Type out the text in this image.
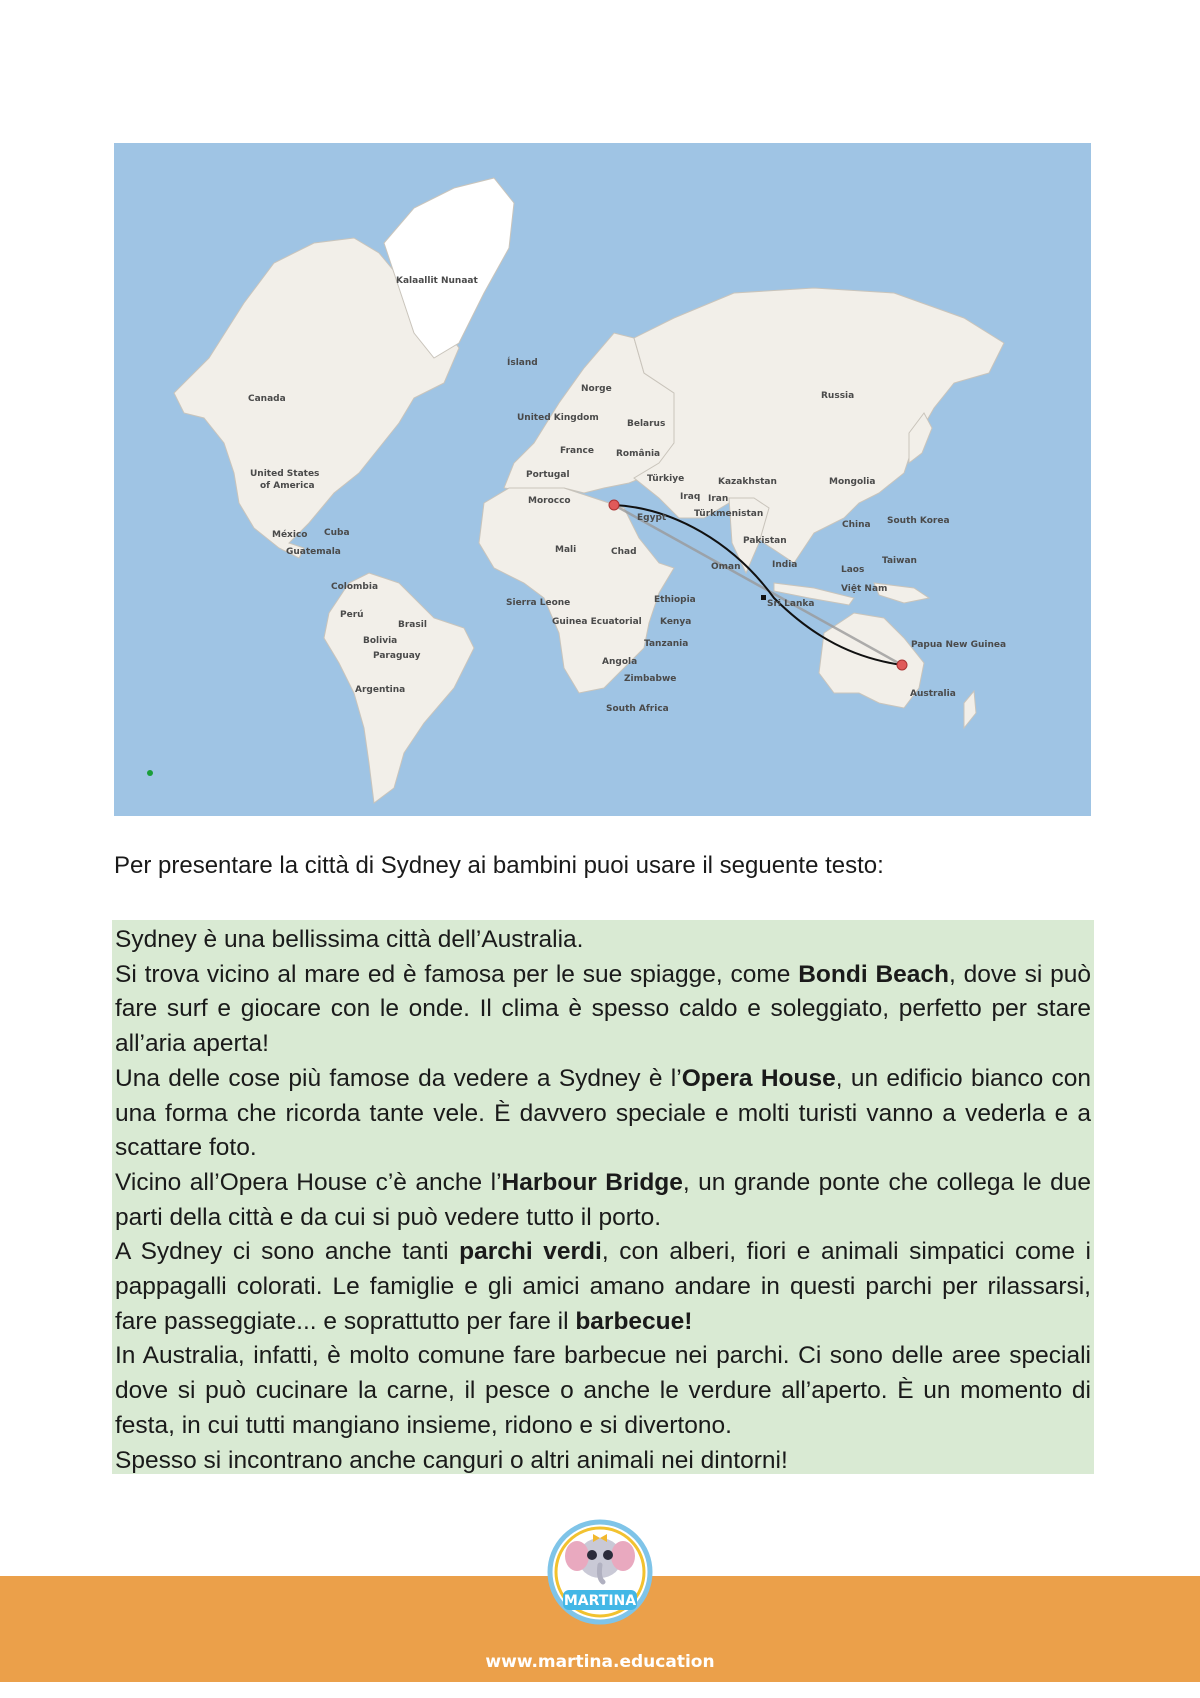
Kalaallit Nunaat
Canada
United States
of America
México Cuba
Guatemala
Colombia
Perú
Brasil
Bolivia
Paraguay
Argentina
Ísland
Norge
United Kingdom
Belarus
France România
Portugal	Türkiye
Morocco	Iraq Iran
Egypt
Mali	Chad
Sierra Leone	Ethiopia
Guinea Ecuatorial Kenya
Tanzania
Angola
Zimbabwe
South Africa
Russia
Kazakhstan	Mongolia
Türkmenistan
Pakistan
China South Korea
Oman	India	Laos
Taiwan
Việt Nam
Sri Lanka
Papua New Guinea
Australia

Per presentare la città di Sydney ai bambini puoi usare il seguente testo:

Sydney è una bellissima città dell’Australia.

Si trova vicino al mare ed è famosa per le sue spiagge, come Bondi Beach, dove si può fare surf e giocare con le onde. Il clima è spesso caldo e soleggiato, perfetto per stare all’aria aperta!

Una delle cose più famose da vedere a Sydney è l’Opera House, un edificio bianco con una forma che ricorda tante vele. È davvero speciale e molti turisti vanno a vederla e a scattare foto.

Vicino all’Opera House c’è anche l’Harbour Bridge, un grande ponte che collega le due parti della città e da cui si può vedere tutto il porto.

A Sydney ci sono anche tanti parchi verdi, con alberi, fiori e animali simpatici come i pappagalli colorati. Le famiglie e gli amici amano andare in questi parchi per rilassarsi, fare passeggiate... e soprattutto per fare il barbecue!

In Australia, infatti, è molto comune fare barbecue nei parchi. Ci sono delle aree speciali dove si può cucinare la carne, il pesce o anche le verdure all’aperto. È un momento di festa, in cui tutti mangiano insieme, ridono e si divertono.

Spesso si incontrano anche canguri o altri animali nei dintorni!

MARTINA
www.martina.education
